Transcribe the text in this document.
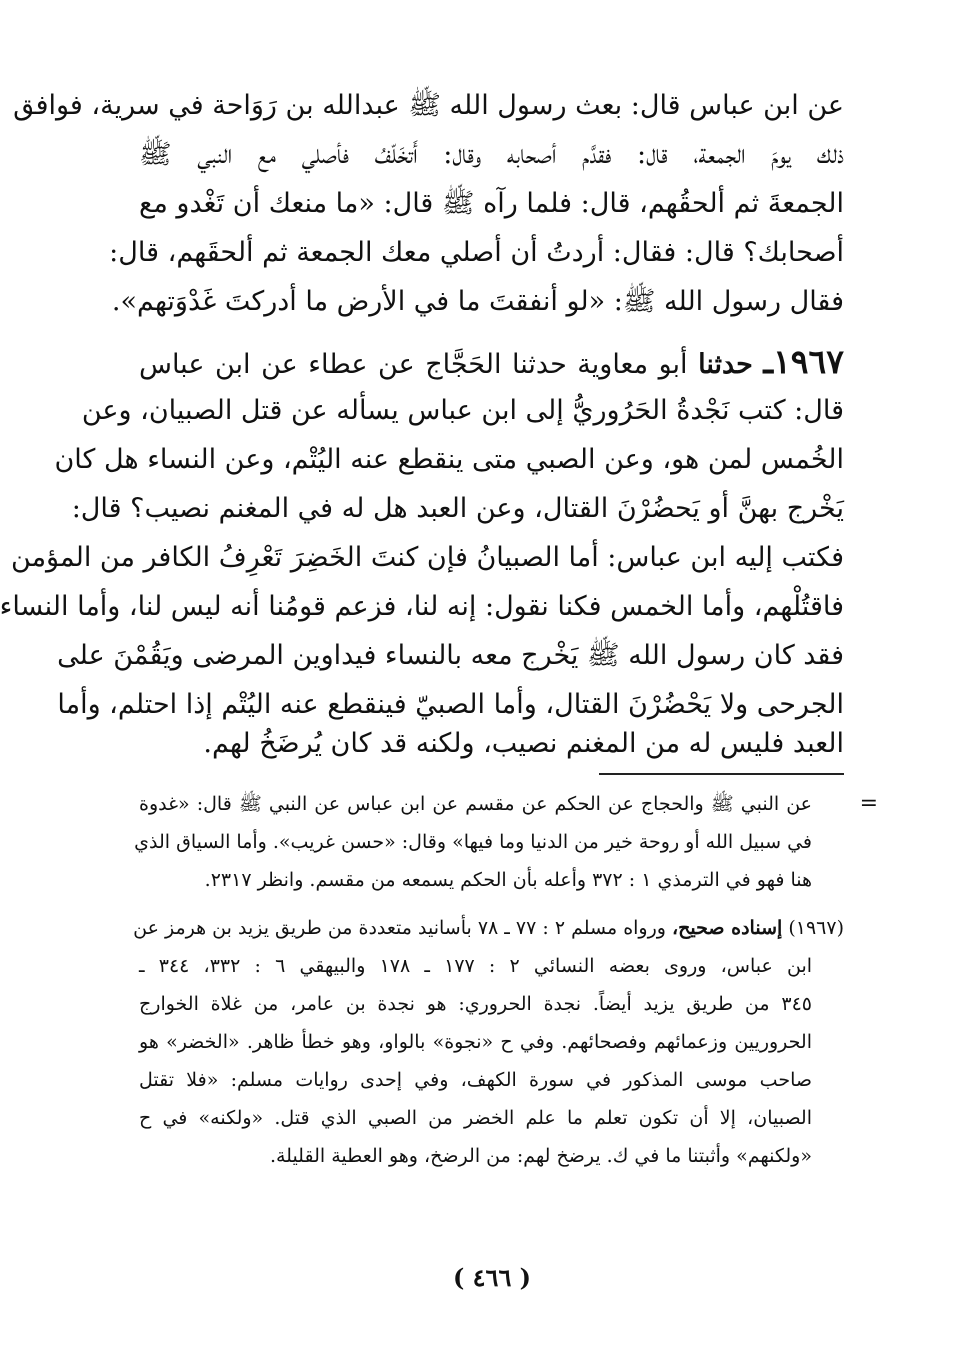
عن ابن عباس قال: بعث رسول الله ﷺ عبدالله بن رَوَاحة في سرية، فوافق
ذلك يومَ الجمعة، قال: فقدَّم أصحابه وقال: أَتخَلّفُ فأصلي مع النبي ﷺ
الجمعةَ ثم ألحقُهم، قال: فلما رآه ﷺ قال: «ما منعك أن تَغْدو مع
أصحابك؟ قال: فقال: أردتُ أن أصلي معك الجمعة ثم ألحقَهم، قال:
فقال رسول الله ﷺ: «لو أنفقتَ ما في الأرض ما أدركتَ غَدْوَتهم».
١٩٦٧ـ حدثنا أبو معاوية حدثنا الحَجَّاج عن عطاء عن ابن عباس
قال: كتب نَجْدةُ الحَرُوريُّ إلى ابن عباس يسأله عن قتل الصبيان، وعن
الخُمس لمن هو، وعن الصبي متى ينقطع عنه اليُتْم، وعن النساء هل كان
يَخْرج بهنَّ أو يَحضُرْنَ القتال، وعن العبد هل له في المغنم نصيب؟ قال:
فكتب إليه ابن عباس: أما الصبيانُ فإن كنتَ الخَضِرَ تَعْرِفُ الكافر من المؤمن
فاقتُلْهم، وأما الخمس فكنا نقول: إنه لنا، فزعم قومُنا أنه ليس لنا، وأما النساء
فقد كان رسول الله ﷺ يَخْرج معه بالنساء فيداوين المرضى ويَقُمْنَ على
الجرحى ولا يَحْضُرْنَ القتال، وأما الصبيّ فينقطع عنه اليُتْم إذا احتلم، وأما
العبد فليس له من المغنم نصيب، ولكنه قد كان يُرضَخُ لهم.
=
عن النبي ﷺ والحجاج عن الحكم عن مقسم عن ابن عباس عن النبي ﷺ قال: «غدوة
في سبيل الله أو روحة خير من الدنيا وما فيها» وقال: «حسن غريب». وأما السياق الذي
هنا فهو في الترمذي ١ : ٣٧٢ وأعله بأن الحكم يسمعه من مقسم. وانظر ٢٣١٧.
(١٩٦٧) إسناده صحيح، ورواه مسلم ٢ : ٧٧ ـ ٧٨ بأسانيد متعددة من طريق يزيد بن هرمز عن
ابن عباس، وروى بعضه النسائي ٢ : ١٧٧ ـ ١٧٨ والبيهقي ٦ : ٣٣٢، ٣٤٤ ـ
٣٤٥ من طريق يزيد أيضاً. نجدة الحروري: هو نجدة بن عامر، من غلاة الخوارج
الحروريين وزعمائهم وفصحائهم. وفي ح «نجوة» بالواو، وهو خطأ ظاهر. «الخضر» هو
صاحب موسى المذكور في سورة الكهف، وفي إحدى روايات مسلم: «فلا تقتل
الصبيان، إلا أن تكون تعلم ما علم الخضر من الصبي الذي قتل. «ولكنه» في ح
«ولكنهم» وأثبتنا ما في ك. يرضخ لهم: من الرضخ، وهو العطية القليلة.
( ٤٦٦ )
